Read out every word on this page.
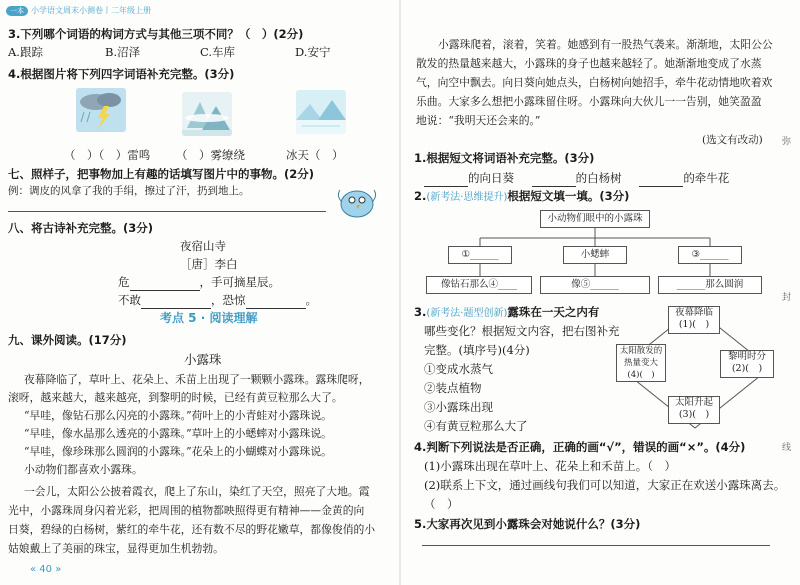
一本 小学语文周末小测卷丨二年级上册
3.下列哪个词语的构词方式与其他三项不同？（　）(2分)
A.跟踪	B.沼泽	C.车库	D.安宁
4.根据图片将下列四字词语补充完整。(3分)
（　）（　）雷鸣 （　）雾缭绕	冰天（　）
七、照样子，把事物加上有趣的话填写图片中的事物。(2分)
例：调皮的风拿了我的手绢，擦过了汗，扔到地上。
八、将古诗补充完整。(3分)
夜宿山寺
［唐］李白
危	，手可摘星辰。
不敢	，恐惊	。
考点 5 · 阅读理解
九、课外阅读。(17分)
小露珠
夜幕降临了，草叶上、花朵上、禾苗上出现了一颗颗小露珠。露珠爬呀，
滚呀，越来越大，越来越亮，到黎明的时候，已经有黄豆粒那么大了。
“早哇，像钻石那么闪亮的小露珠。”荷叶上的小青蛙对小露珠说。
“早哇，像水晶那么透亮的小露珠。”草叶上的小蟋蟀对小露珠说。
“早哇，像珍珠那么圆润的小露珠。”花朵上的小蝴蝶对小露珠说。
小动物们都喜欢小露珠。
一会儿，太阳公公披着霞衣，爬上了东山，染红了天空，照亮了大地。霞
光中，小露珠周身闪着光彩，把周围的植物都映照得更有精神——金黄的向
日葵，碧绿的白杨树，紫红的牵牛花，还有数不尽的野花嫩草，都像俊俏的小
姑娘戴上了美丽的珠宝，显得更加生机勃勃。
« 40 »
小露珠爬着，滚着，笑着。她感到有一股热气袭来。渐渐地，太阳公公
散发的热量越来越大，小露珠的身子也越来越轻了。她渐渐地变成了水蒸
气，向空中飘去。向日葵向她点头，白杨树向她招手，牵牛花动情地吹着欢
乐曲。大家多么想把小露珠留住呀。小露珠向大伙儿一一告别，她笑盈盈
地说：“我明天还会来的。”
(选文有改动)
1.根据短文将词语补充完整。(3分)
的向日葵	的白杨树	的牵牛花
2.(新考法·思维提升)根据短文填一填。(3分)
小动物们眼中的小露珠
①______	小蟋蟀	③______
像钻石那么④____	像⑤______	______那么圆润
3.(新考法·题型创新)露珠在一天之内有
哪些变化？根据短文内容，把右图补充
完整。(填序号)(4分)
①变成水蒸气
②装点植物
③小露珠出现
④有黄豆粒那么大了
夜幕降临
(1)(　)
太阳散发的
热量变大
(4)(　)
黎明时分
(2)(　)
太阳升起
(3)(　)
4.判断下列说法是否正确，正确的画“√”，错误的画“×”。(4分)
(1)小露珠出现在草叶上、花朵上和禾苗上。（　）
(2)联系上下文，通过画线句我们可以知道，大家正在欢送小露珠离去。
（　）
5.大家再次见到小露珠会对她说什么？(3分)
弥
封
线
